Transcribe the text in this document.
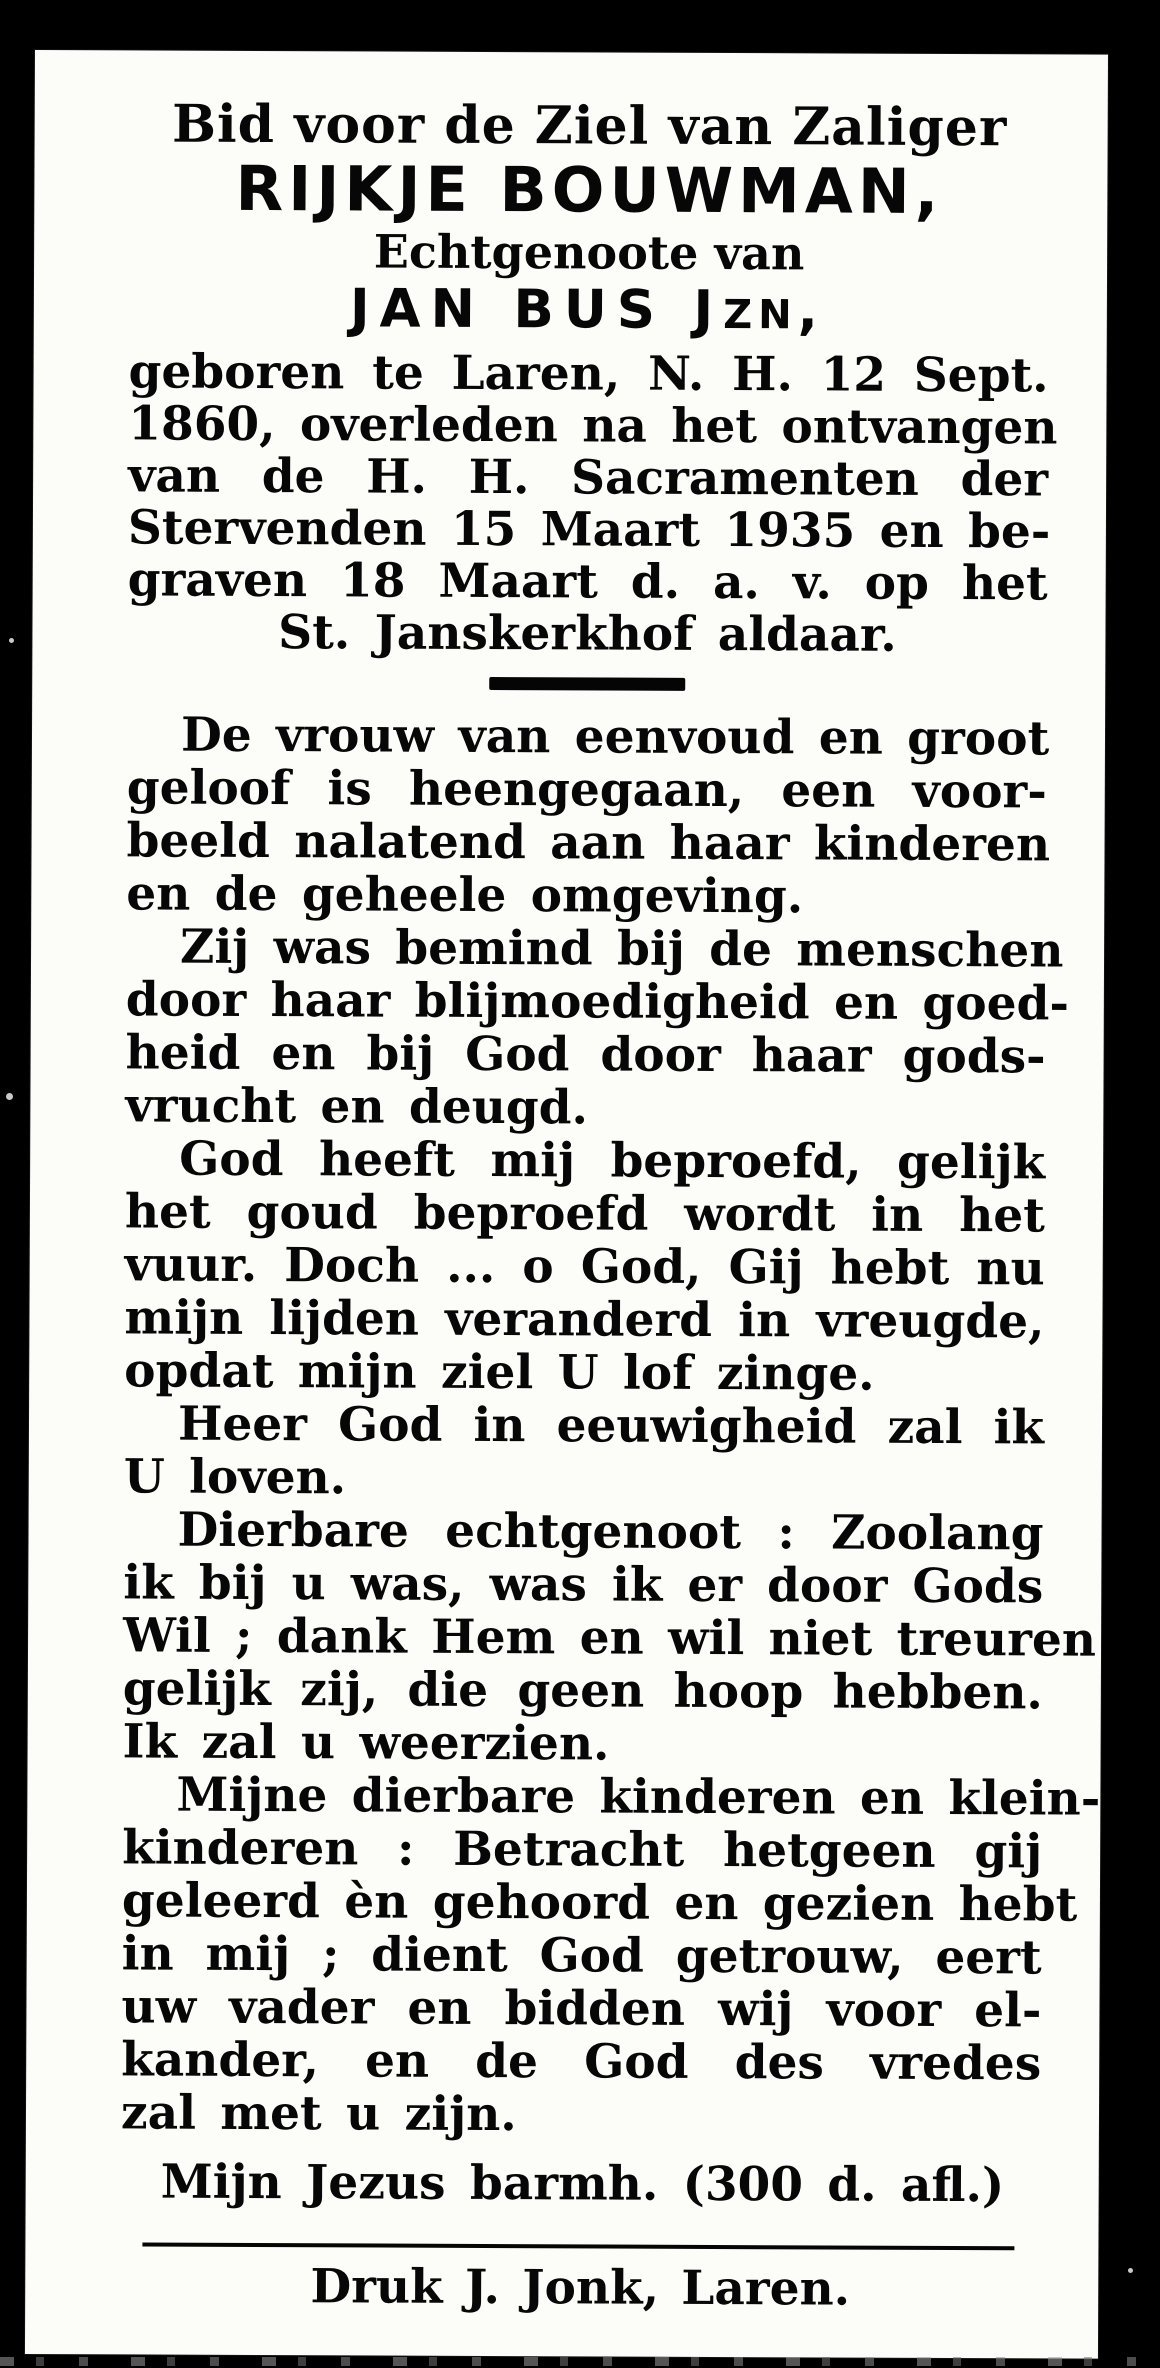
Bid voor de Ziel van Zaliger
RIJKJE BOUWMAN,
Echtgenoote van
JAN BUS JZN,
geboren te Laren, N. H. 12 Sept.
1860, overleden na het ontvangen
van de H. H. Sacramenten der
Stervenden 15 Maart 1935 en be-
graven 18 Maart d. a. v. op het
St. Janskerkhof aldaar.
De vrouw van eenvoud en groot
geloof is heengegaan, een voor-
beeld nalatend aan haar kinderen
en de geheele omgeving.
Zij was bemind bij de menschen
door haar blijmoedigheid en goed-
heid en bij God door haar gods-
vrucht en deugd.
God heeft mij beproefd, gelijk
het goud beproefd wordt in het
vuur. Doch ... o God, Gij hebt nu
mijn lijden veranderd in vreugde,
opdat mijn ziel U lof zinge.
Heer God in eeuwigheid zal ik
U loven.
Dierbare echtgenoot : Zoolang
ik bij u was, was ik er door Gods
Wil ; dank Hem en wil niet treuren
gelijk zij, die geen hoop hebben.
Ik zal u weerzien.
Mijne dierbare kinderen en klein-
kinderen : Betracht hetgeen gij
geleerd èn gehoord en gezien hebt
in mij ; dient God getrouw, eert
uw vader en bidden wij voor el-
kander, en de God des vredes
zal met u zijn.
Mijn Jezus barmh. (300 d. afl.)
Druk J. Jonk, Laren.
